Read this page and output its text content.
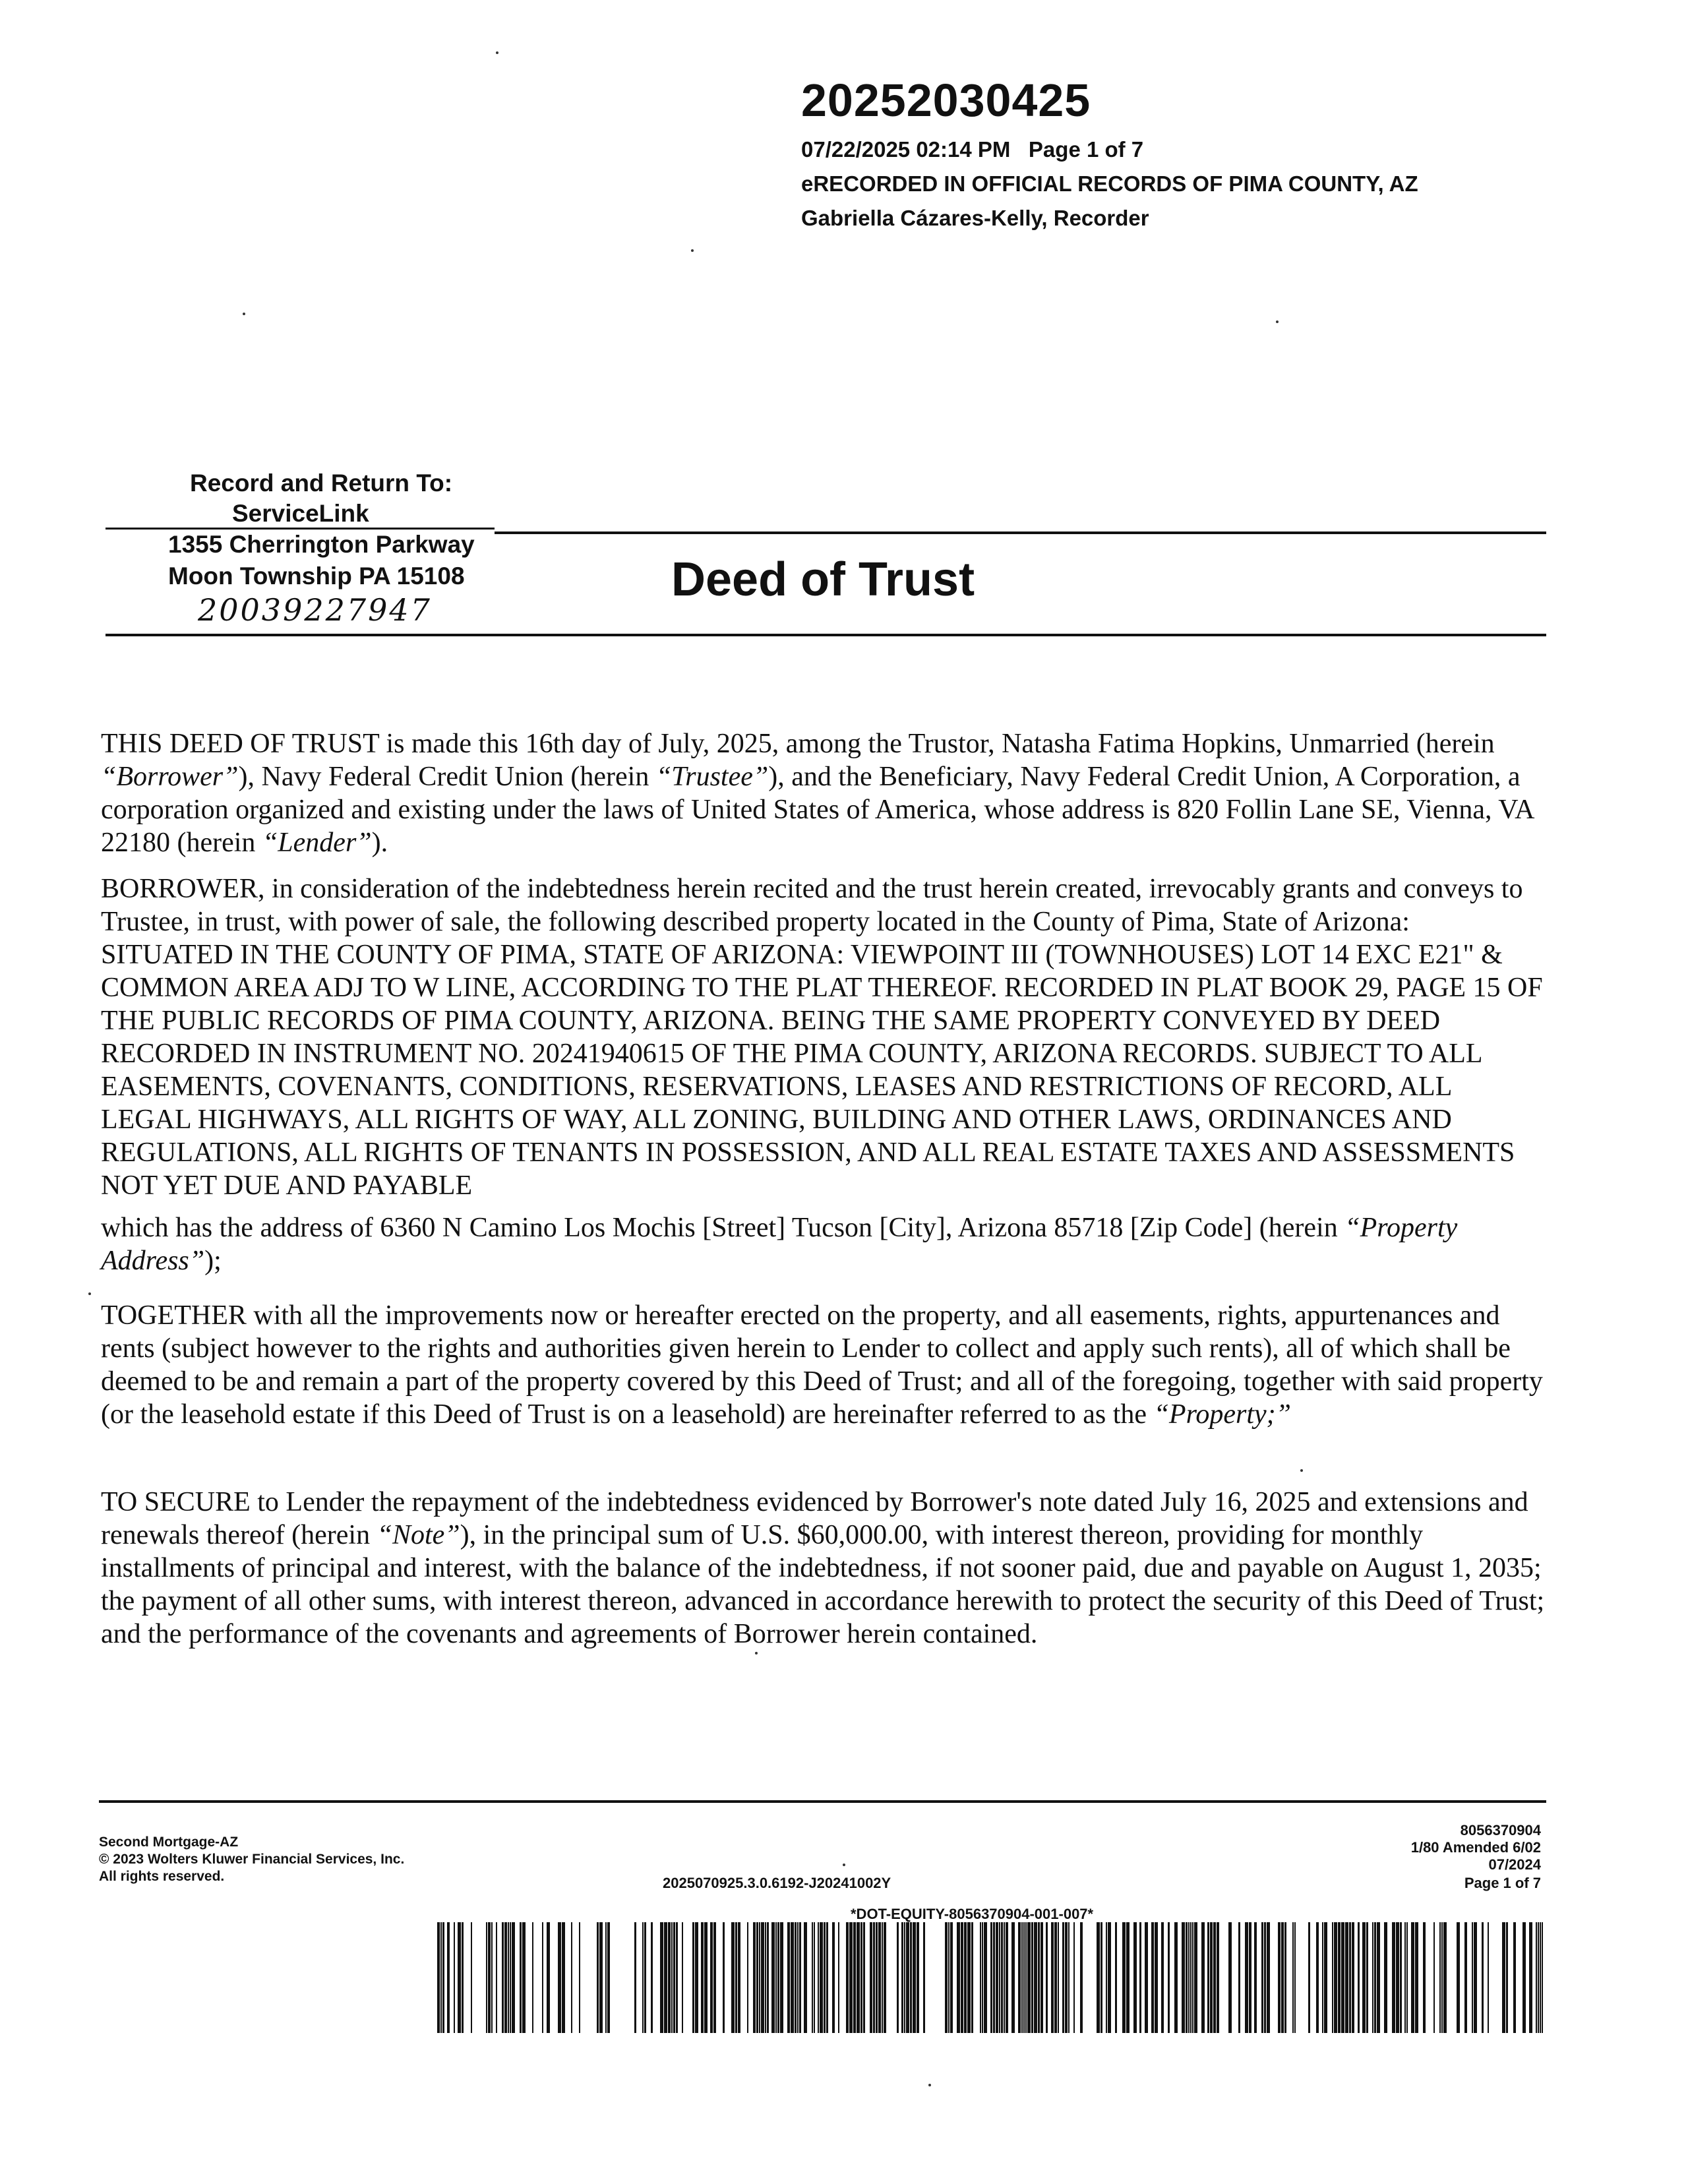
20252030425
07/22/2025 02:14 PM Page 1 of 7
eRECORDED IN OFFICIAL RECORDS OF PIMA COUNTY, AZ
Gabriella Cázares-Kelly, Recorder
Record and Return To:
ServiceLink
1355 Cherrington Parkway
Moon Township PA 15108
20039227947
Deed of Trust
THIS DEED OF TRUST is made this 16th day of July, 2025, among the Trustor, Natasha Fatima Hopkins, Unmarried (herein “Borrower”), Navy Federal Credit Union (herein “Trustee”), and the Beneficiary, Navy Federal Credit Union, A Corporation, a corporation organized and existing under the laws of United States of America, whose address is 820 Follin Lane SE, Vienna, VA 22180 (herein “Lender”).
BORROWER, in consideration of the indebtedness herein recited and the trust herein created, irrevocably grants and conveys to Trustee, in trust, with power of sale, the following described property located in the County of Pima, State of Arizona: SITUATED IN THE COUNTY OF PIMA, STATE OF ARIZONA: VIEWPOINT III (TOWNHOUSES) LOT 14 EXC E21" & COMMON AREA ADJ TO W LINE, ACCORDING TO THE PLAT THEREOF. RECORDED IN PLAT BOOK 29, PAGE 15 OF THE PUBLIC RECORDS OF PIMA COUNTY, ARIZONA. BEING THE SAME PROPERTY CONVEYED BY DEED RECORDED IN INSTRUMENT NO. 20241940615 OF THE PIMA COUNTY, ARIZONA RECORDS. SUBJECT TO ALL EASEMENTS, COVENANTS, CONDITIONS, RESERVATIONS, LEASES AND RESTRICTIONS OF RECORD, ALL LEGAL HIGHWAYS, ALL RIGHTS OF WAY, ALL ZONING, BUILDING AND OTHER LAWS, ORDINANCES AND REGULATIONS, ALL RIGHTS OF TENANTS IN POSSESSION, AND ALL REAL ESTATE TAXES AND ASSESSMENTS NOT YET DUE AND PAYABLE
which has the address of 6360 N Camino Los Mochis [Street] Tucson [City], Arizona 85718 [Zip Code] (herein “Property Address”);
TOGETHER with all the improvements now or hereafter erected on the property, and all easements, rights, appurtenances and rents (subject however to the rights and authorities given herein to Lender to collect and apply such rents), all of which shall be deemed to be and remain a part of the property covered by this Deed of Trust; and all of the foregoing, together with said property (or the leasehold estate if this Deed of Trust is on a leasehold) are hereinafter referred to as the “Property;”
TO SECURE to Lender the repayment of the indebtedness evidenced by Borrower's note dated July 16, 2025 and extensions and renewals thereof (herein “Note”), in the principal sum of U.S. $60,000.00, with interest thereon, providing for monthly installments of principal and interest, with the balance of the indebtedness, if not sooner paid, due and payable on August 1, 2035; the payment of all other sums, with interest thereon, advanced in accordance herewith to protect the security of this Deed of Trust; and the performance of the covenants and agreements of Borrower herein contained.
Second Mortgage-AZ
© 2023 Wolters Kluwer Financial Services, Inc.
All rights reserved.	2025070925.3.0.6192-J20241002Y
8056370904
1/80 Amended 6/02
07/2024
Page 1 of 7
*DOT-EQUITY-8056370904-001-007*
